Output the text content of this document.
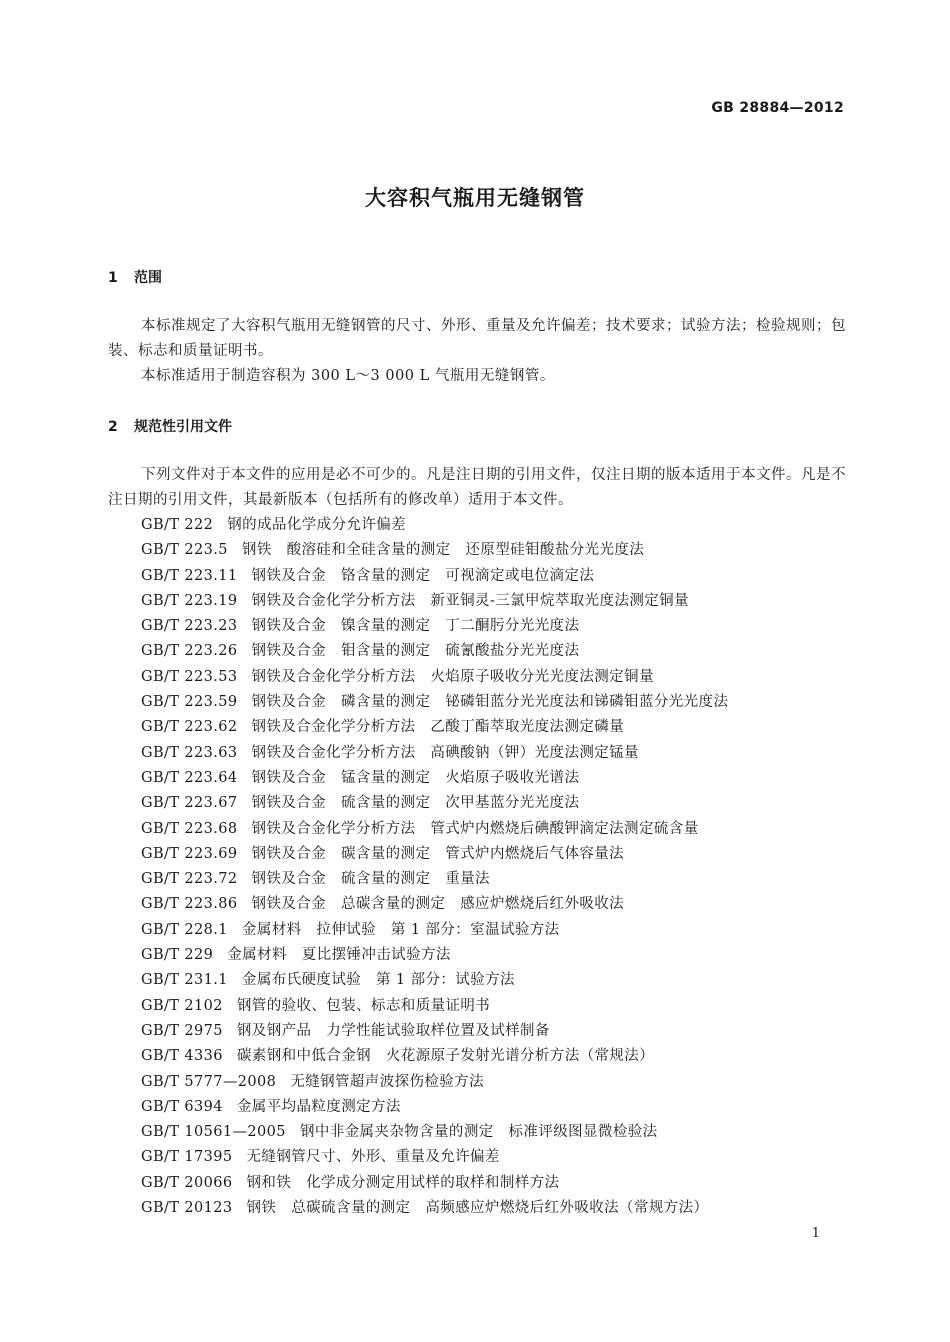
GB 28884—2012
大容积气瓶用无缝钢管
1 范围

本标准规定了大容积气瓶用无缝钢管的尺寸、外形、重量及允许偏差；技术要求；试验方法；检验规则；包装、标志和质量证明书。

本标准适用于制造容积为 300 L～3 000 L 气瓶用无缝钢管。

2 规范性引用文件

下列文件对于本文件的应用是必不可少的。凡是注日期的引用文件，仅注日期的版本适用于本文件。凡是不注日期的引用文件，其最新版本（包括所有的修改单）适用于本文件。

GB/T 222 钢的成品化学成分允许偏差
GB/T 223.5 钢铁　酸溶硅和全硅含量的测定　还原型硅钼酸盐分光光度法
GB/T 223.11 钢铁及合金　铬含量的测定　可视滴定或电位滴定法
GB/T 223.19 钢铁及合金化学分析方法　新亚铜灵-三氯甲烷萃取光度法测定铜量
GB/T 223.23 钢铁及合金　镍含量的测定　丁二酮肟分光光度法
GB/T 223.26 钢铁及合金　钼含量的测定　硫氰酸盐分光光度法
GB/T 223.53 钢铁及合金化学分析方法　火焰原子吸收分光光度法测定铜量
GB/T 223.59 钢铁及合金　磷含量的测定　铋磷钼蓝分光光度法和锑磷钼蓝分光光度法
GB/T 223.62 钢铁及合金化学分析方法　乙酸丁酯萃取光度法测定磷量
GB/T 223.63 钢铁及合金化学分析方法　高碘酸钠（钾）光度法测定锰量
GB/T 223.64 钢铁及合金　锰含量的测定　火焰原子吸收光谱法
GB/T 223.67 钢铁及合金　硫含量的测定　次甲基蓝分光光度法
GB/T 223.68 钢铁及合金化学分析方法　管式炉内燃烧后碘酸钾滴定法测定硫含量
GB/T 223.69 钢铁及合金　碳含量的测定　管式炉内燃烧后气体容量法
GB/T 223.72 钢铁及合金　硫含量的测定　重量法
GB/T 223.86 钢铁及合金　总碳含量的测定　感应炉燃烧后红外吸收法
GB/T 228.1 金属材料　拉伸试验　第 1 部分：室温试验方法
GB/T 229 金属材料　夏比摆锤冲击试验方法
GB/T 231.1 金属布氏硬度试验　第 1 部分：试验方法
GB/T 2102 钢管的验收、包装、标志和质量证明书
GB/T 2975 钢及钢产品　力学性能试验取样位置及试样制备
GB/T 4336 碳素钢和中低合金钢　火花源原子发射光谱分析方法（常规法）
GB/T 5777—2008 无缝钢管超声波探伤检验方法
GB/T 6394 金属平均晶粒度测定方法
GB/T 10561—2005 钢中非金属夹杂物含量的测定　标准评级图显微检验法
GB/T 17395 无缝钢管尺寸、外形、重量及允许偏差
GB/T 20066 钢和铁　化学成分测定用试样的取样和制样方法
GB/T 20123 钢铁　总碳硫含量的测定　高频感应炉燃烧后红外吸收法（常规方法）
1
